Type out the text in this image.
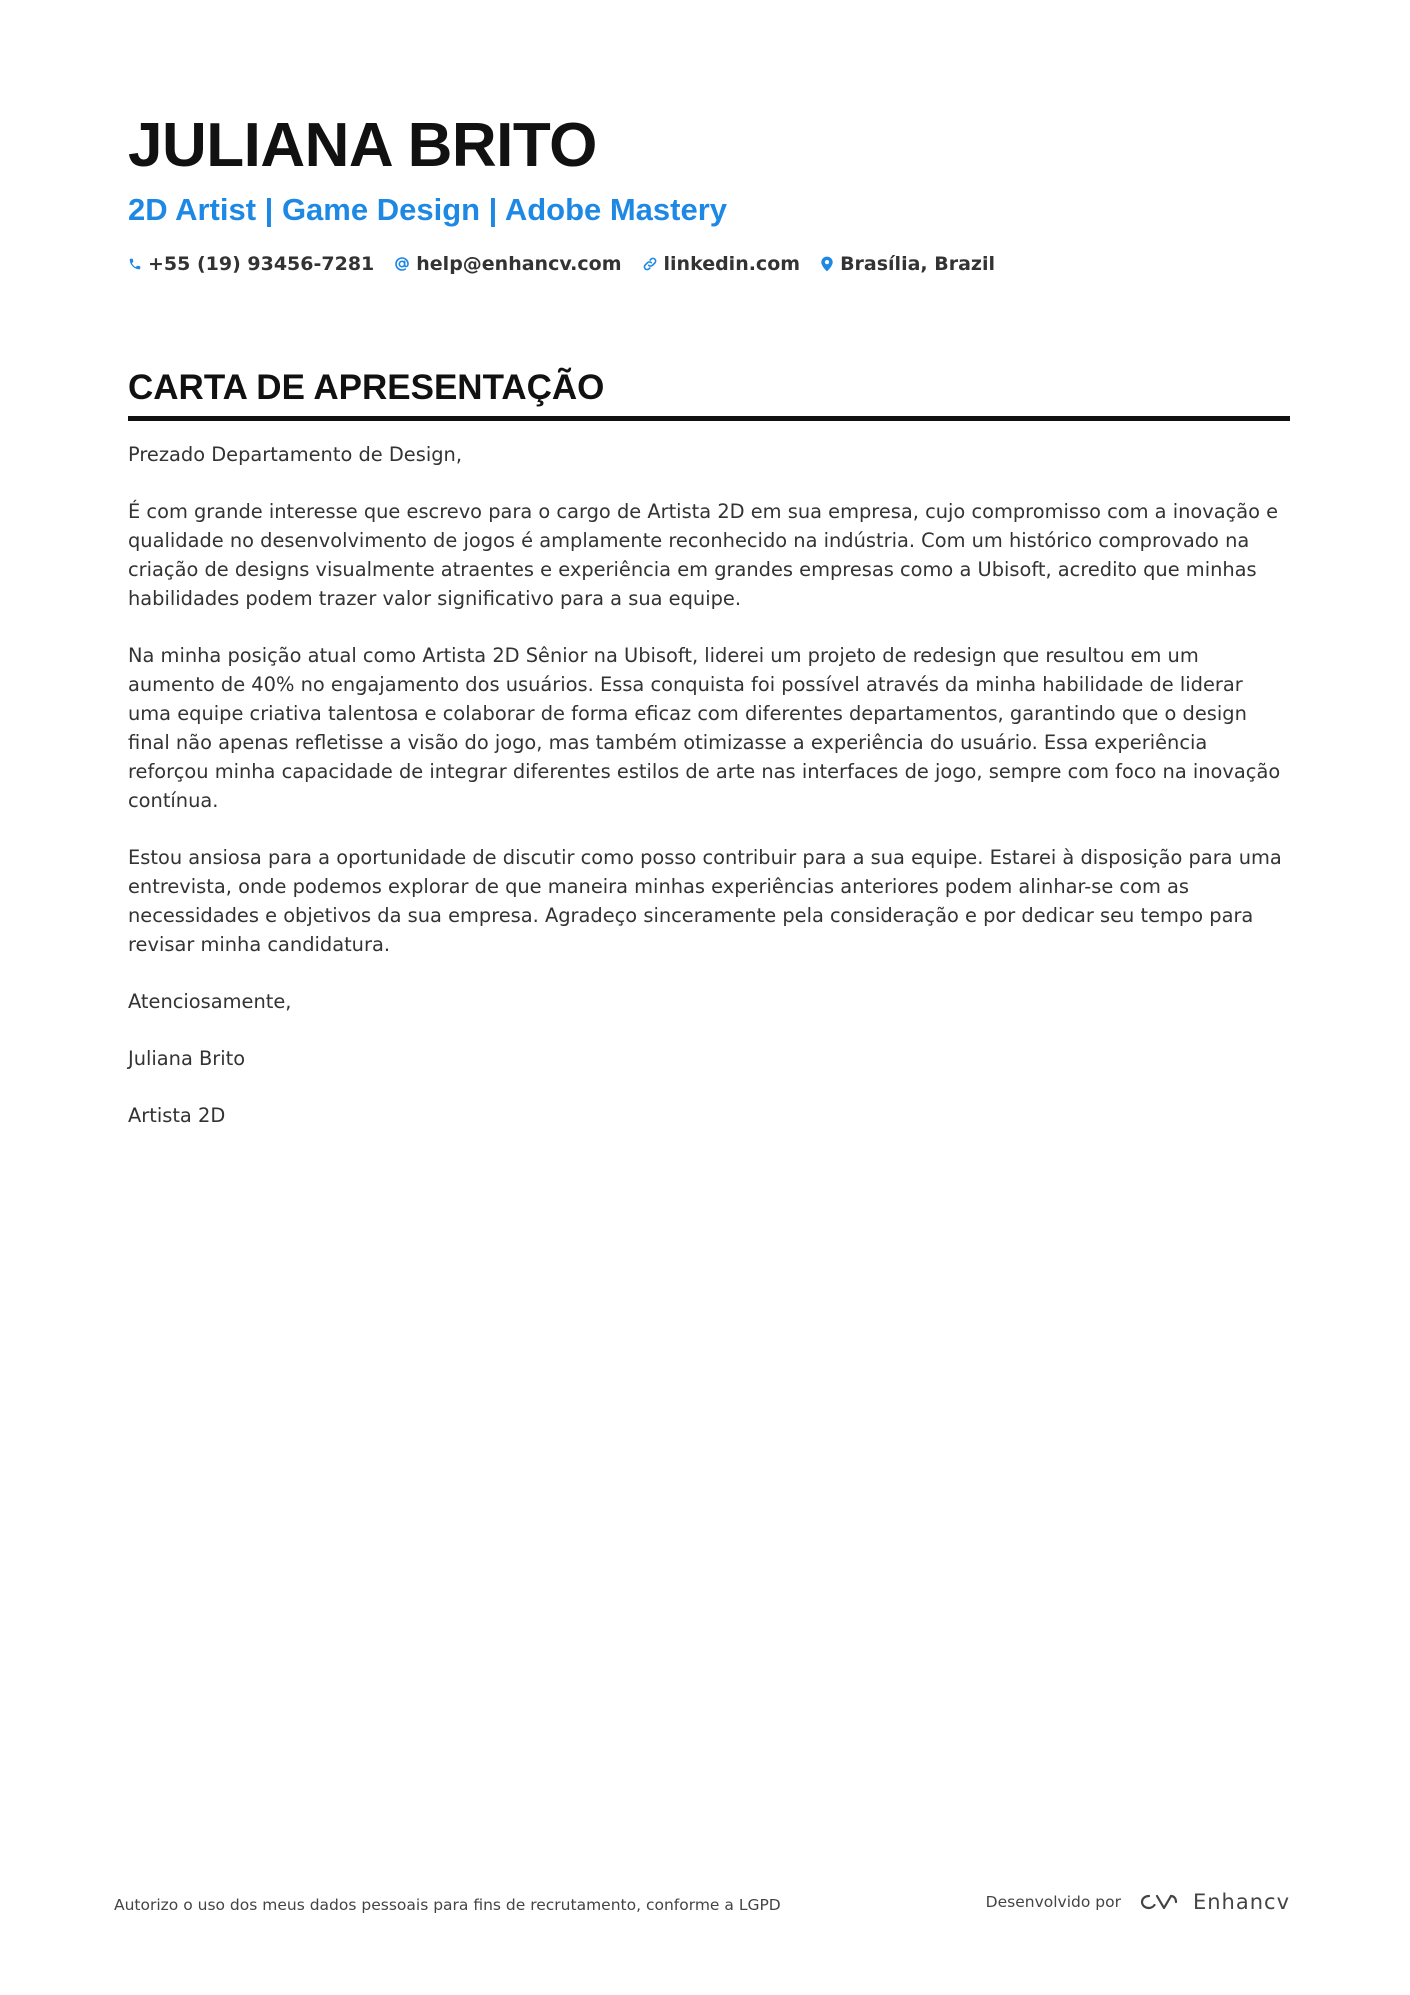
JULIANA BRITO
2D Artist | Game Design | Adobe Mastery
+55 (19) 93456-7281 help@enhancv.com linkedin.com Brasília, Brazil
CARTA DE APRESENTAÇÃO

Prezado Departamento de Design,

É com grande interesse que escrevo para o cargo de Artista 2D em sua empresa, cujo compromisso com a inovação e qualidade no desenvolvimento de jogos é amplamente reconhecido na indústria. Com um histórico comprovado na criação de designs visualmente atraentes e experiência em grandes empresas como a Ubisoft, acredito que minhas habilidades podem trazer valor significativo para a sua equipe.

Na minha posição atual como Artista 2D Sênior na Ubisoft, liderei um projeto de redesign que resultou em um aumento de 40% no engajamento dos usuários. Essa conquista foi possível através da minha habilidade de liderar uma equipe criativa talentosa e colaborar de forma eficaz com diferentes departamentos, garantindo que o design final não apenas refletisse a visão do jogo, mas também otimizasse a experiência do usuário. Essa experiência reforçou minha capacidade de integrar diferentes estilos de arte nas interfaces de jogo, sempre com foco na inovação contínua.

Estou ansiosa para a oportunidade de discutir como posso contribuir para a sua equipe. Estarei à disposição para uma entrevista, onde podemos explorar de que maneira minhas experiências anteriores podem alinhar-se com as necessidades e objetivos da sua empresa. Agradeço sinceramente pela consideração e por dedicar seu tempo para revisar minha candidatura.

Atenciosamente,

Juliana Brito

Artista 2D

Autorizo o uso dos meus dados pessoais para fins de recrutamento, conforme a LGPD	Desenvolvido por	Enhancv
